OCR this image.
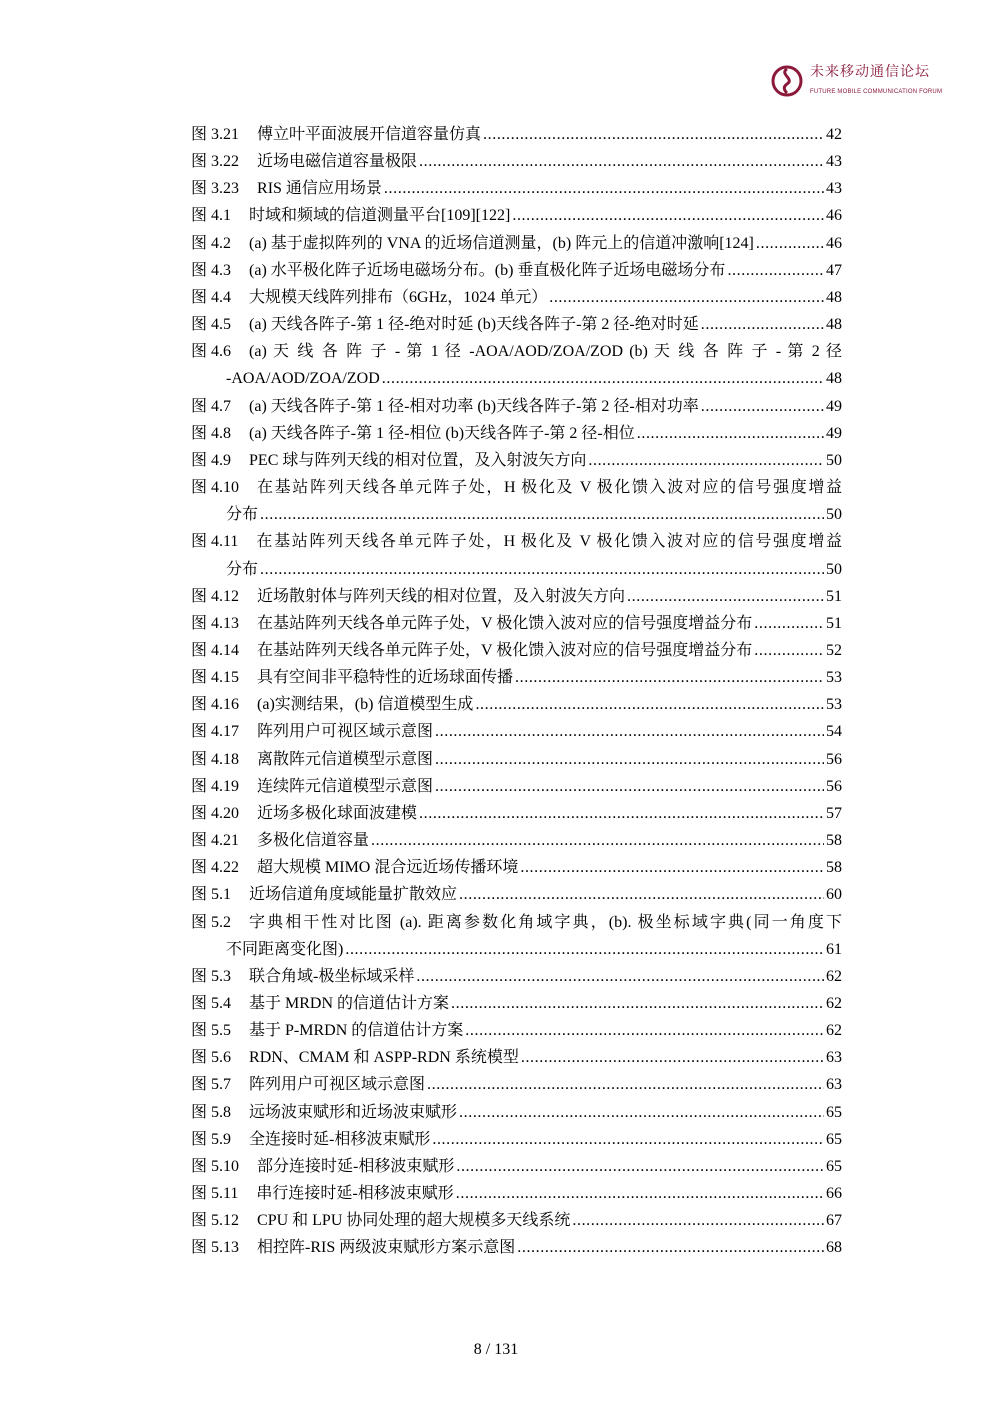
未来移动通信论坛
FUTURE MOBILE COMMUNICATION FORUM
图 3.21 傅立叶平面波展开信道容量仿真 .....	42
图 3.22 近场电磁信道容量极限 .....	43
图 3.23 RIS 通信应用场景 .....	43
图 4.1 时域和频域的信道测量平台[109][122] .....	46
图 4.2 (a) 基于虚拟阵列的 VNA 的近场信道测量，(b) 阵元上的信道冲激响[124] .....	46
图 4.3 (a) 水平极化阵子近场电磁场分布。(b) 垂直极化阵子近场电磁场分布 .....	47
图 4.4 大规模天线阵列排布（6GHz，1024 单元） .....	48
图 4.5 (a) 天线各阵子-第 1 径-绝对时延 (b)天线各阵子-第 2 径-绝对时延 .....	48
图 4.6 (a) 天 线 各 阵 子 - 第 1 径 -AOA/AOD/ZOA/ZOD (b) 天 线 各 阵 子 - 第 2 径
-AOA/AOD/ZOA/ZOD .....	48
图 4.7 (a) 天线各阵子-第 1 径-相对功率 (b)天线各阵子-第 2 径-相对功率 .....	49
图 4.8 (a) 天线各阵子-第 1 径-相位 (b)天线各阵子-第 2 径-相位 .....	49
图 4.9 PEC 球与阵列天线的相对位置，及入射波矢方向 .....	50
图 4.10 在基站阵列天线各单元阵子处，H 极化及 V 极化馈入波对应的信号强度增益
分布 .....	50
图 4.11 在基站阵列天线各单元阵子处，H 极化及 V 极化馈入波对应的信号强度增益
分布 .....	50
图 4.12 近场散射体与阵列天线的相对位置，及入射波矢方向 .....	51
图 4.13 在基站阵列天线各单元阵子处，V 极化馈入波对应的信号强度增益分布 .....	51
图 4.14 在基站阵列天线各单元阵子处，V 极化馈入波对应的信号强度增益分布 .....	52
图 4.15 具有空间非平稳特性的近场球面传播 .....	53
图 4.16 (a)实测结果，(b) 信道模型生成 .....	53
图 4.17 阵列用户可视区域示意图 .....	54
图 4.18 离散阵元信道模型示意图 .....	56
图 4.19 连续阵元信道模型示意图 .....	56
图 4.20 近场多极化球面波建模 .....	57
图 4.21 多极化信道容量 .....	58
图 4.22 超大规模 MIMO 混合远近场传播环境 .....	58
图 5.1 近场信道角度域能量扩散效应 .....	60
图 5.2 字典相干性对比图 (a). 距离参数化角域字典，(b). 极坐标域字典(同一角度下
不同距离变化图) .....	61
图 5.3 联合角域-极坐标域采样 .....	62
图 5.4 基于 MRDN 的信道估计方案 .....	62
图 5.5 基于 P-MRDN 的信道估计方案 .....	62
图 5.6 RDN、CMAM 和 ASPP-RDN 系统模型 .....	63
图 5.7 阵列用户可视区域示意图 .....	63
图 5.8 远场波束赋形和近场波束赋形 .....	65
图 5.9 全连接时延-相移波束赋形 .....	65
图 5.10 部分连接时延-相移波束赋形 .....	65
图 5.11 串行连接时延-相移波束赋形 .....	66
图 5.12 CPU 和 LPU 协同处理的超大规模多天线系统 .....	67
图 5.13 相控阵-RIS 两级波束赋形方案示意图 .....	68
8 / 131
